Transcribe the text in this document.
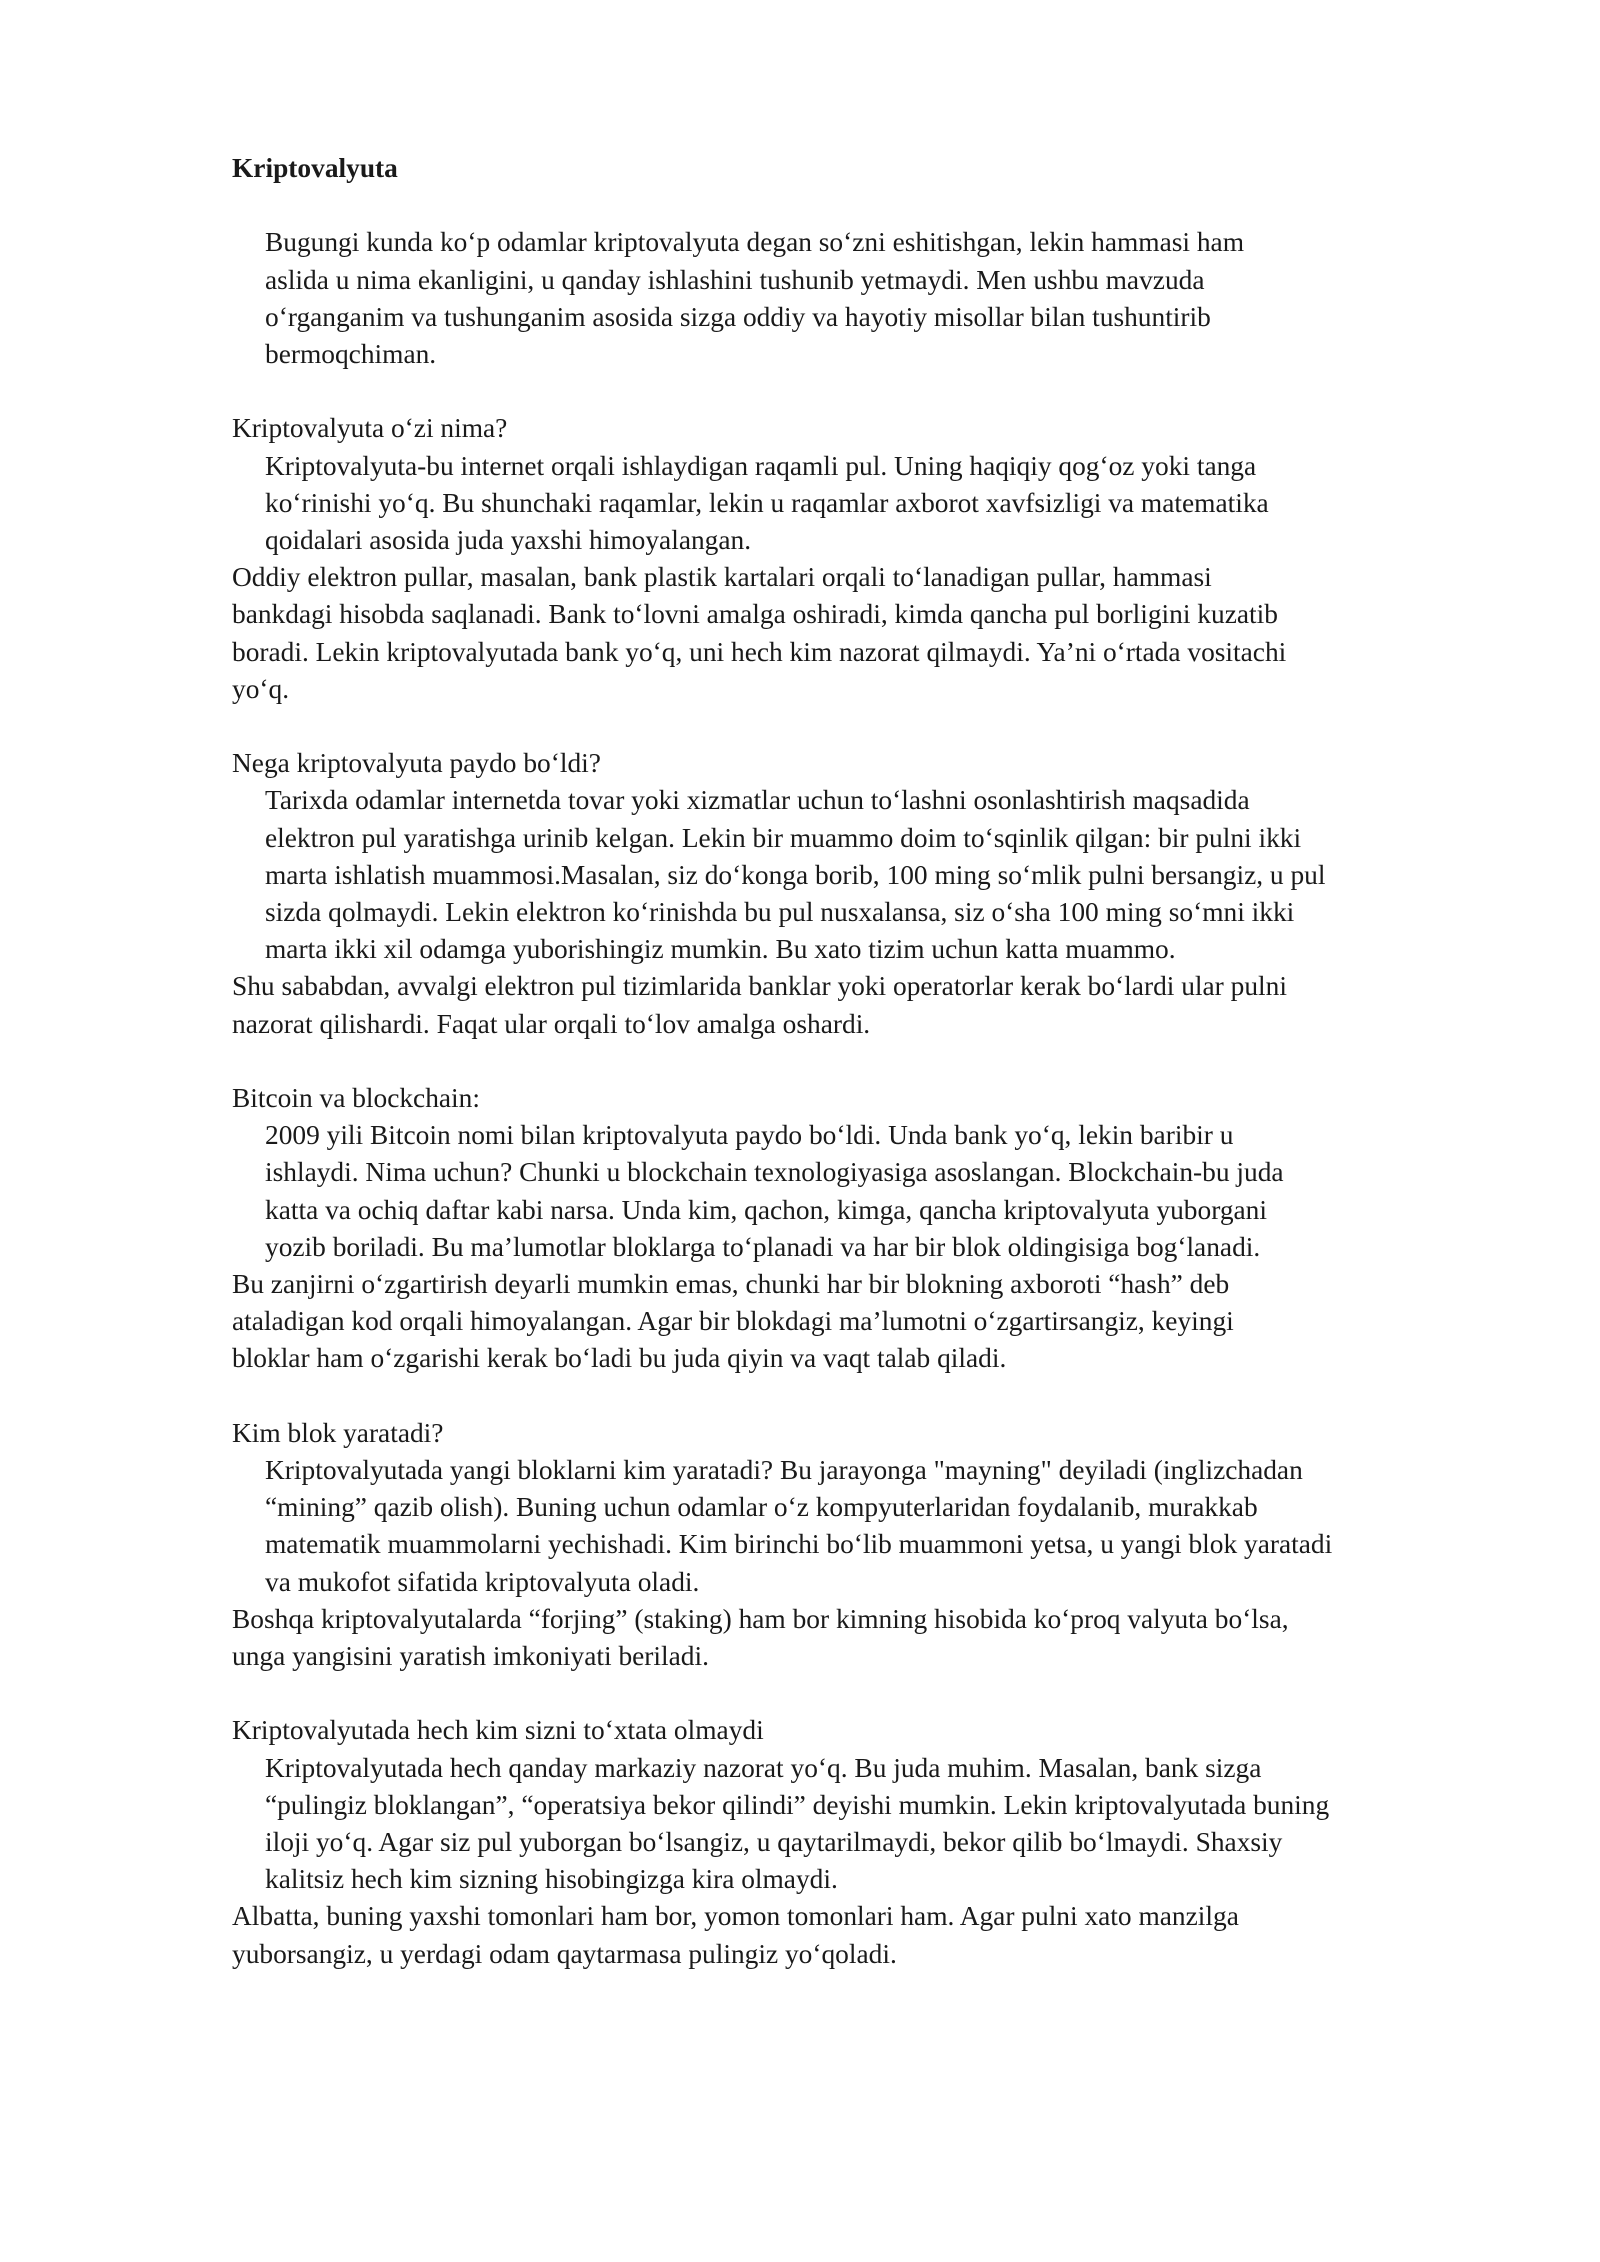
Kriptovalyuta
Bugungi kunda ko‘p odamlar kriptovalyuta degan so‘zni eshitishgan, lekin hammasi ham
aslida u nima ekanligini, u qanday ishlashini tushunib yetmaydi. Men ushbu mavzuda
o‘rganganim va tushunganim asosida sizga oddiy va hayotiy misollar bilan tushuntirib
bermoqchiman.
Kriptovalyuta o‘zi nima?
Kriptovalyuta-bu internet orqali ishlaydigan raqamli pul. Uning haqiqiy qog‘oz yoki tanga
ko‘rinishi yo‘q. Bu shunchaki raqamlar, lekin u raqamlar axborot xavfsizligi va matematika
qoidalari asosida juda yaxshi himoyalangan.
Oddiy elektron pullar, masalan, bank plastik kartalari orqali to‘lanadigan pullar, hammasi
bankdagi hisobda saqlanadi. Bank to‘lovni amalga oshiradi, kimda qancha pul borligini kuzatib
boradi. Lekin kriptovalyutada bank yo‘q, uni hech kim nazorat qilmaydi. Ya’ni o‘rtada vositachi
yo‘q.
Nega kriptovalyuta paydo bo‘ldi?
Tarixda odamlar internetda tovar yoki xizmatlar uchun to‘lashni osonlashtirish maqsadida
elektron pul yaratishga urinib kelgan. Lekin bir muammo doim to‘sqinlik qilgan: bir pulni ikki
marta ishlatish muammosi.Masalan, siz do‘konga borib, 100 ming so‘mlik pulni bersangiz, u pul
sizda qolmaydi. Lekin elektron ko‘rinishda bu pul nusxalansa, siz o‘sha 100 ming so‘mni ikki
marta ikki xil odamga yuborishingiz mumkin. Bu xato tizim uchun katta muammo.
Shu sababdan, avvalgi elektron pul tizimlarida banklar yoki operatorlar kerak bo‘lardi ular pulni
nazorat qilishardi. Faqat ular orqali to‘lov amalga oshardi.
Bitcoin va blockchain:
2009 yili Bitcoin nomi bilan kriptovalyuta paydo bo‘ldi. Unda bank yo‘q, lekin baribir u
ishlaydi. Nima uchun? Chunki u blockchain texnologiyasiga asoslangan. Blockchain-bu juda
katta va ochiq daftar kabi narsa. Unda kim, qachon, kimga, qancha kriptovalyuta yuborgani
yozib boriladi. Bu ma’lumotlar bloklarga to‘planadi va har bir blok oldingisiga bog‘lanadi.
Bu zanjirni o‘zgartirish deyarli mumkin emas, chunki har bir blokning axboroti “hash” deb
ataladigan kod orqali himoyalangan. Agar bir blokdagi ma’lumotni o‘zgartirsangiz, keyingi
bloklar ham o‘zgarishi kerak bo‘ladi bu juda qiyin va vaqt talab qiladi.
Kim blok yaratadi?
Kriptovalyutada yangi bloklarni kim yaratadi? Bu jarayonga "mayning" deyiladi (inglizchadan
“mining” qazib olish). Buning uchun odamlar o‘z kompyuterlaridan foydalanib, murakkab
matematik muammolarni yechishadi. Kim birinchi bo‘lib muammoni yetsa, u yangi blok yaratadi
va mukofot sifatida kriptovalyuta oladi.
Boshqa kriptovalyutalarda “forjing” (staking) ham bor kimning hisobida ko‘proq valyuta bo‘lsa,
unga yangisini yaratish imkoniyati beriladi.
Kriptovalyutada hech kim sizni to‘xtata olmaydi
Kriptovalyutada hech qanday markaziy nazorat yo‘q. Bu juda muhim. Masalan, bank sizga
“pulingiz bloklangan”, “operatsiya bekor qilindi” deyishi mumkin. Lekin kriptovalyutada buning
iloji yo‘q. Agar siz pul yuborgan bo‘lsangiz, u qaytarilmaydi, bekor qilib bo‘lmaydi. Shaxsiy
kalitsiz hech kim sizning hisobingizga kira olmaydi.
Albatta, buning yaxshi tomonlari ham bor, yomon tomonlari ham. Agar pulni xato manzilga
yuborsangiz, u yerdagi odam qaytarmasa pulingiz yo‘qoladi.
